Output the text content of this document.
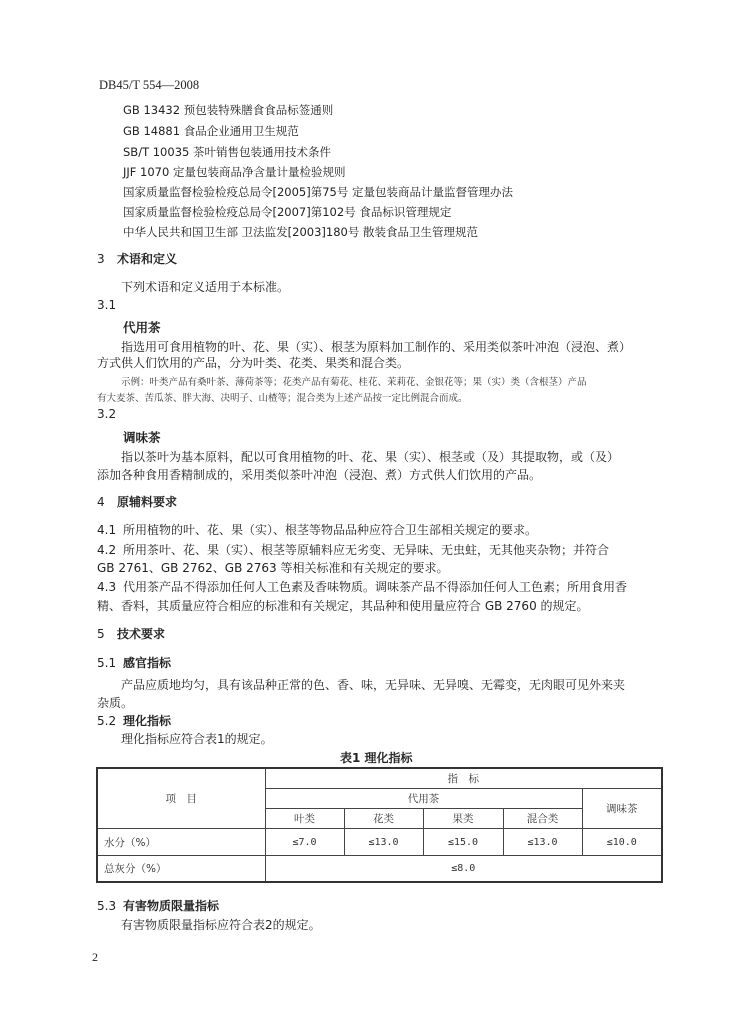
DB45/T 554—2008
GB 13432 预包装特殊膳食食品标签通则
GB 14881 食品企业通用卫生规范
SB/T 10035 茶叶销售包装通用技术条件
JJF 1070 定量包装商品净含量计量检验规则
国家质量监督检验检疫总局令[2005]第75号 定量包装商品计量监督管理办法
国家质量监督检验检疫总局令[2007]第102号 食品标识管理规定
中华人民共和国卫生部 卫法监发[2003]180号 散装食品卫生管理规范
3 术语和定义
下列术语和定义适用于本标准。
3.1
代用茶
指选用可食用植物的叶、花、果（实）、根茎为原料加工制作的、采用类似茶叶冲泡（浸泡、煮）
方式供人们饮用的产品，分为叶类、花类、果类和混合类。
示例：叶类产品有桑叶茶、薄荷茶等；花类产品有菊花、桂花、茉莉花、金银花等；果（实）类（含根茎）产品
有大麦茶、苦瓜茶、胖大海、决明子、山楂等；混合类为上述产品按一定比例混合而成。
3.2
调味茶
指以茶叶为基本原料，配以可食用植物的叶、花、果（实）、根茎或（及）其提取物，或（及）
添加各种食用香精制成的，采用类似茶叶冲泡（浸泡、煮）方式供人们饮用的产品。
4 原辅料要求
4.1 所用植物的叶、花、果（实）、根茎等物品品种应符合卫生部相关规定的要求。
4.2 所用茶叶、花、果（实）、根茎等原辅料应无劣变、无异味、无虫蛀，无其他夹杂物；并符合
GB 2761、GB 2762、GB 2763 等相关标准和有关规定的要求。
4.3 代用茶产品不得添加任何人工色素及香味物质。调味茶产品不得添加任何人工色素；所用食用香
精、香料，其质量应符合相应的标准和有关规定，其品种和使用量应符合 GB 2760 的规定。
5 技术要求
5.1 感官指标
产品应质地均匀，具有该品种正常的色、香、味，无异味、无异嗅、无霉变，无肉眼可见外来夹
杂质。
5.2 理化指标
理化指标应符合表1的规定。
表1 理化指标
项　目	指　标				
	代用茶				调味茶
	叶类	花类	果类	混合类	
水分（%）	≤7.0	≤13.0	≤15.0	≤13.0	≤10.0
总灰分（%）	≤8.0				
5.3 有害物质限量指标
有害物质限量指标应符合表2的规定。
2
